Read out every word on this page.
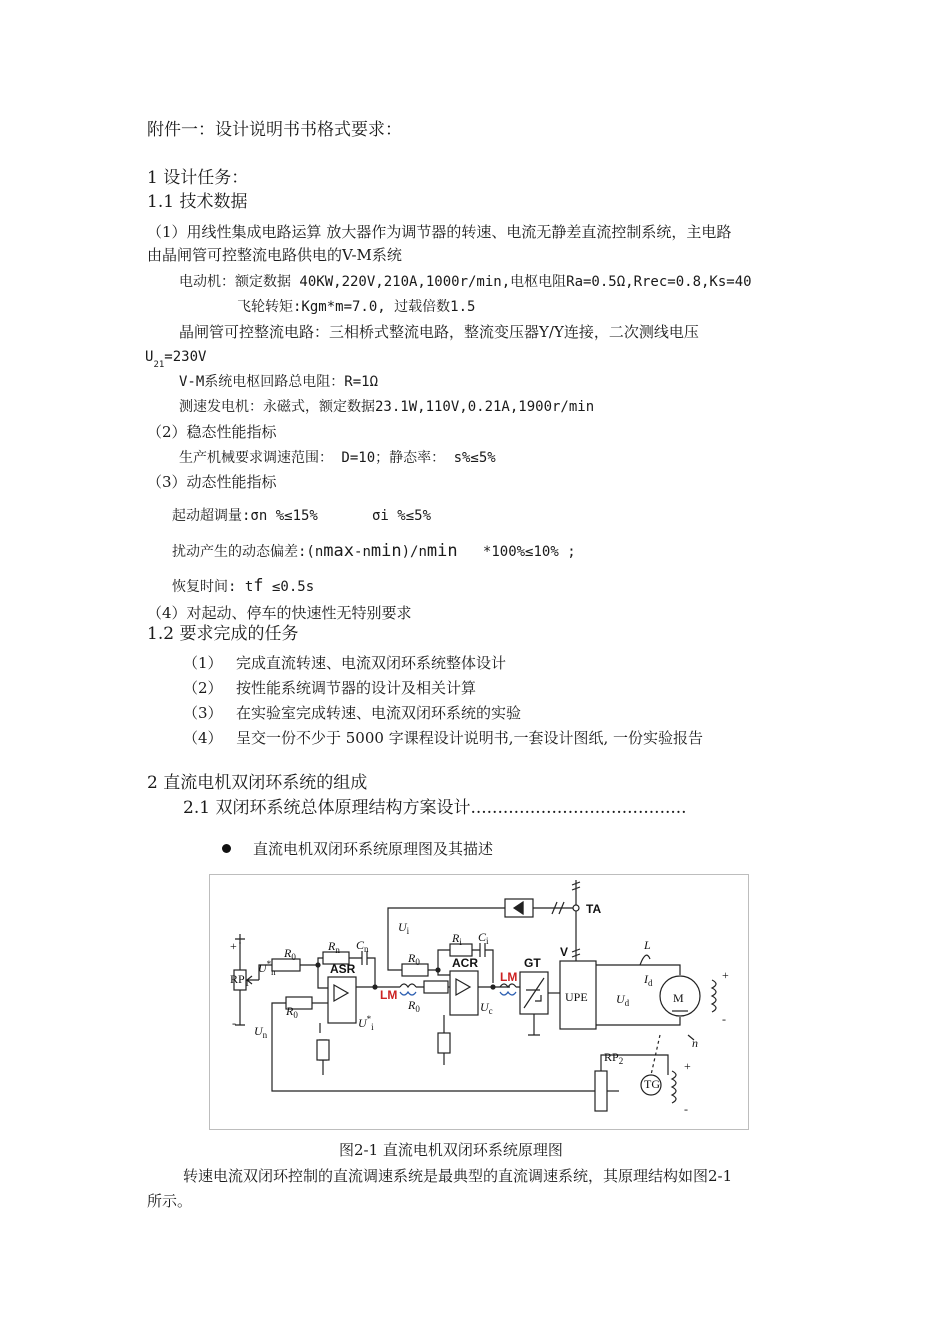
附件一：设计说明书书格式要求：
1 设计任务：
1.1 技术数据
（1）用线性集成电路运算 放大器作为调节器的转速、电流无静差直流控制系统，主电路
由晶闸管可控整流电路供电的V-M系统
电动机：额定数据 40KW,220V,210A,1000r/min,电枢电阻Ra=0.5Ω,Rrec=0.8,Ks=40
飞轮转矩:Kgm*m=7.0, 过载倍数1.5
晶闸管可控整流电路：三相桥式整流电路，整流变压器Y/Y连接，二次测线电压
$U_{21}=230V$
V-M系统电枢回路总电阻：R=1Ω
测速发电机：永磁式，额定数据23.1W,110V,0.21A,1900r/min
（2）稳态性能指标
生产机械要求调速范围： D=10；静态率： s%≤5%
（3）动态性能指标
起动超调量:σn %≤15%	σi %≤5%
扰动产生的动态偏差:(nmax-nmin)/nmin *100%≤10% ;
恢复时间: tf ≤0.5s
（4）对起动、停车的快速性无特别要求
1.2 要求完成的任务
（1） 完成直流转速、电流双闭环系统整体设计
（2） 按性能系统调节器的设计及相关计算
（3） 在实验室完成转速、电流双闭环系统的实验
（4） 呈交一份不少于 5000 字课程设计说明书,一套设计图纸, 一份实验报告
2 直流电机双闭环系统的组成
2.1 双闭环系统总体原理结构方案设计........................................
直流电机双闭环系统原理图及其描述
$RP_1$
+
-
$U^*_n$
$R_0$
$R_n$ $C_n$
ASR
$R_0$
$U_n$
$U^*_i$
LM
$U_i$
$R_0$
$R_i$ $C_i$
$R_0$
ACR
$U_c$
LM
GT
V
TA
UPE $U_d$
L
$I_d$
M
+
-
n
$RP_2$
TG
+
-
图2-1 直流电机双闭环系统原理图
转速电流双闭环控制的直流调速系统是最典型的直流调速系统，其原理结构如图2-1
所示。
